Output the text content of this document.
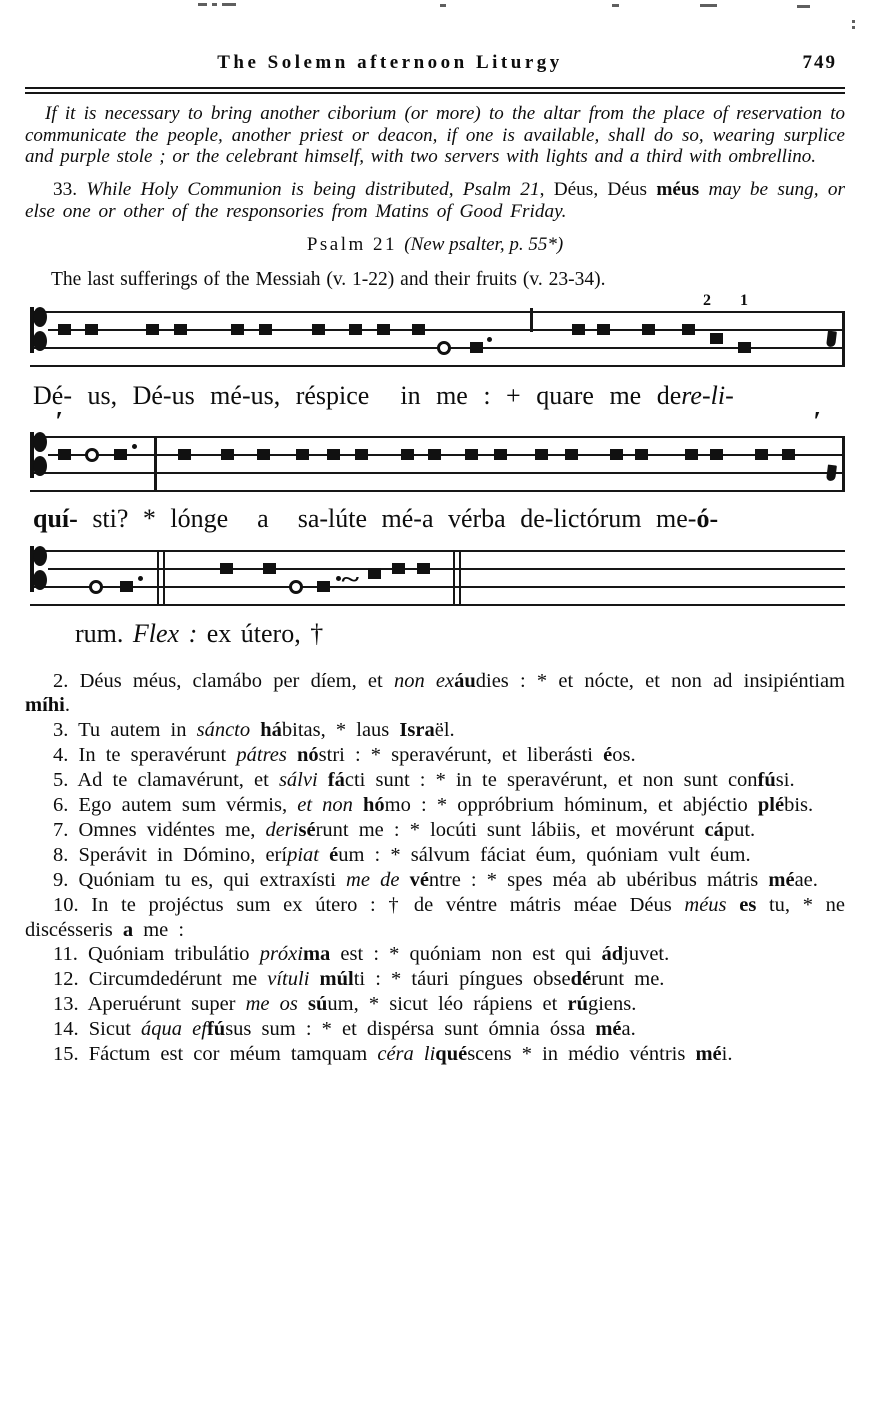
The Solemn afternoon Liturgy	749

If it is necessary to bring another ciborium (or more) to the altar from the place of reservation to communicate the people, another priest or deacon, if one is available, shall do so, wearing surplice and purple stole ; or the celebrant himself, with two servers with lights and a third with ombrellino.

33. While Holy Communion is being distributed, Psalm 21, Déus, Déus méus may be sung, or else one or other of the responsories from Matins of Good Friday.

Psalm 21 (New psalter, p. 55*)

The last sufferings of the Messiah (v. 1-22) and their fruits (v. 23-34).

2 1
Dé- us, Dé-us mé-us, réspice  in me : + quare me dere-li-
′	′
quí- sti? * lónge  a  sa-lúte mé-a vérba de-lictórum me-ó-
~
rum. Flex : ex útero, †

2. Déus méus, clamábo per díem, et non exáudies : * et nócte, et non ad insipiéntiam míhi.

3. Tu autem in sáncto hábitas, * laus Israël.

4. In te speravérunt pátres nóstri : * speravérunt, et liberásti éos.

5. Ad te clamavérunt, et sálvi fácti sunt : * in te speravérunt, et non sunt confúsi.

6. Ego autem sum vérmis, et non hómo : * oppróbrium hóminum, et abjéctio plébis.

7. Omnes vidéntes me, derisérunt me : * locúti sunt lábiis, et movérunt cáput.

8. Sperávit in Dómino, erípiat éum : * sálvum fáciat éum, quóniam vult éum.

9. Quóniam tu es, qui extraxísti me de véntre : * spes méa ab ubéribus mátris méae.

10. In te projéctus sum ex útero : † de véntre mátris méae Déus méus es tu, * ne discésseris a me :

11. Quóniam tribulátio próxima est : * quóniam non est qui ádjuvet.

12. Circumdedérunt me vítuli múlti : * táuri píngues obsedérunt me.

13. Aperuérunt super me os súum, * sicut léo rápiens et rúgiens.

14. Sicut áqua effúsus sum : * et dispérsa sunt ómnia óssa méa.

15. Fáctum est cor méum tamquam céra liquéscens * in médio véntris méi.
